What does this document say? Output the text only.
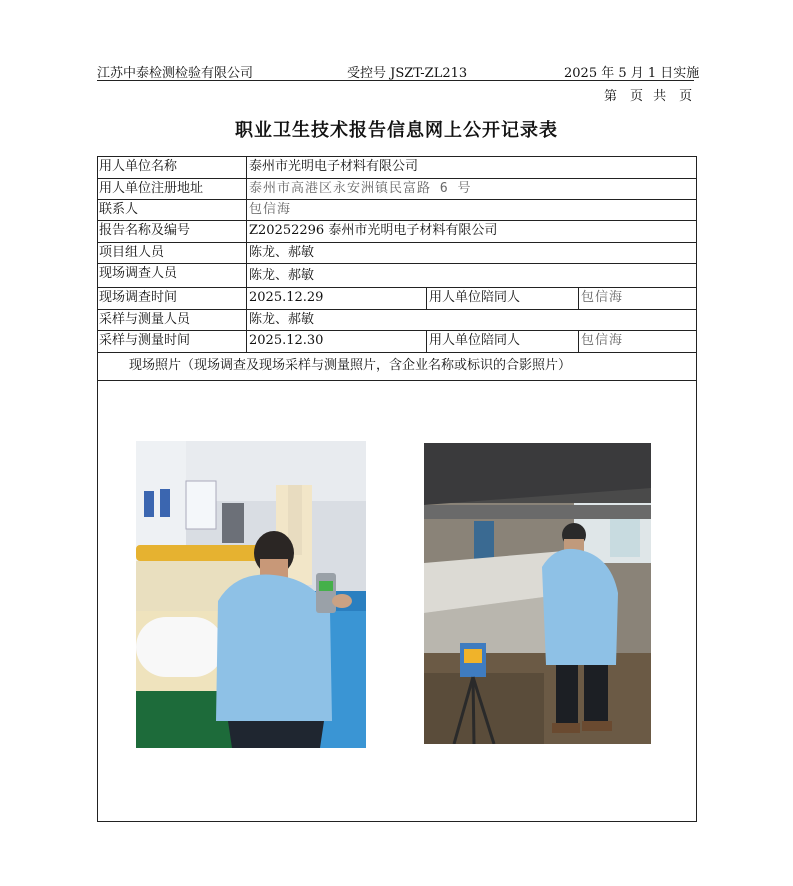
江苏中泰检测检验有限公司	受控号 JSZT-ZL213	2025 年 5 月 1 日实施
第　页 共　页
职业卫生技术报告信息网上公开记录表
用人单位名称	泰州市光明电子材料有限公司
用人单位注册地址	泰州市高港区永安洲镇民富路 6 号
联系人	包信海
报告名称及编号	Z20252296 泰州市光明电子材料有限公司
项目组人员	陈龙、郝敏
现场调查人员	陈龙、郝敏
现场调查时间	2025.12.29	用人单位陪同人	包信海
采样与测量人员	陈龙、郝敏
采样与测量时间	2025.12.30	用人单位陪同人	包信海
现场照片（现场调查及现场采样与测量照片，含企业名称或标识的合影照片）
